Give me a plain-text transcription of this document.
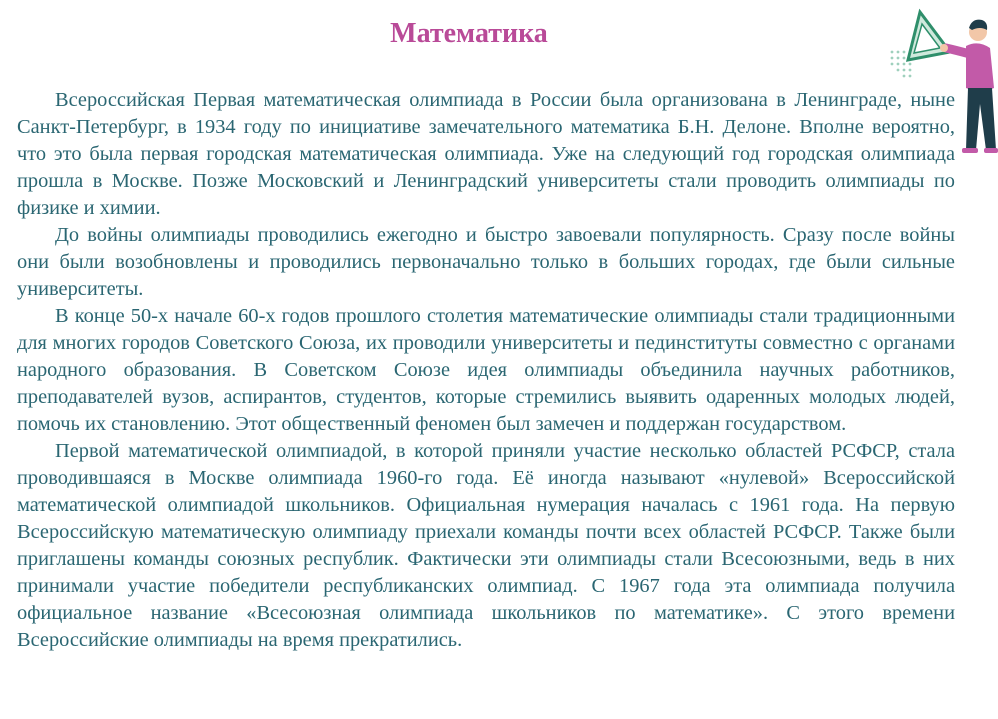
Математика

Всероссийская Первая математическая олимпиада в России была организована в Ленинграде, ныне Санкт-Петербург, в 1934 году по инициативе замечательного математика Б.Н. Делоне. Вполне вероятно, что это была первая городская математическая олимпиада. Уже на следующий год городская олимпиада прошла в Москве. Позже Московский и Ленинградский университеты стали проводить олимпиады по физике и химии.

До войны олимпиады проводились ежегодно и быстро завоевали популярность. Сразу после войны они были возобновлены и проводились первоначально только в больших городах, где были сильные университеты.

В конце 50-х начале 60-х годов прошлого столетия математические олимпиады стали традиционными для многих городов Советского Союза, их проводили университеты и пединституты совместно с органами народного образования. В Советском Союзе идея олимпиады объединила научных работников, преподавателей вузов, аспирантов, студентов, которые стремились выявить одаренных молодых людей, помочь их становлению. Этот общественный феномен был замечен и поддержан государством.

Первой математической олимпиадой, в которой приняли участие несколько областей РСФСР, стала проводившаяся в Москве олимпиада 1960-го года. Её иногда называют «нулевой» Всероссийской математической олимпиадой школьников. Официальная нумерация началась с 1961 года. На первую Всероссийскую математическую олимпиаду приехали команды почти всех областей РСФСР. Также были приглашены команды союзных республик. Фактически эти олимпиады стали Всесоюзными, ведь в них принимали участие победители республиканских олимпиад. С 1967 года эта олимпиада получила официальное название «Всесоюзная олимпиада школьников по математике». С этого времени Всероссийские олимпиады на время прекратились.
